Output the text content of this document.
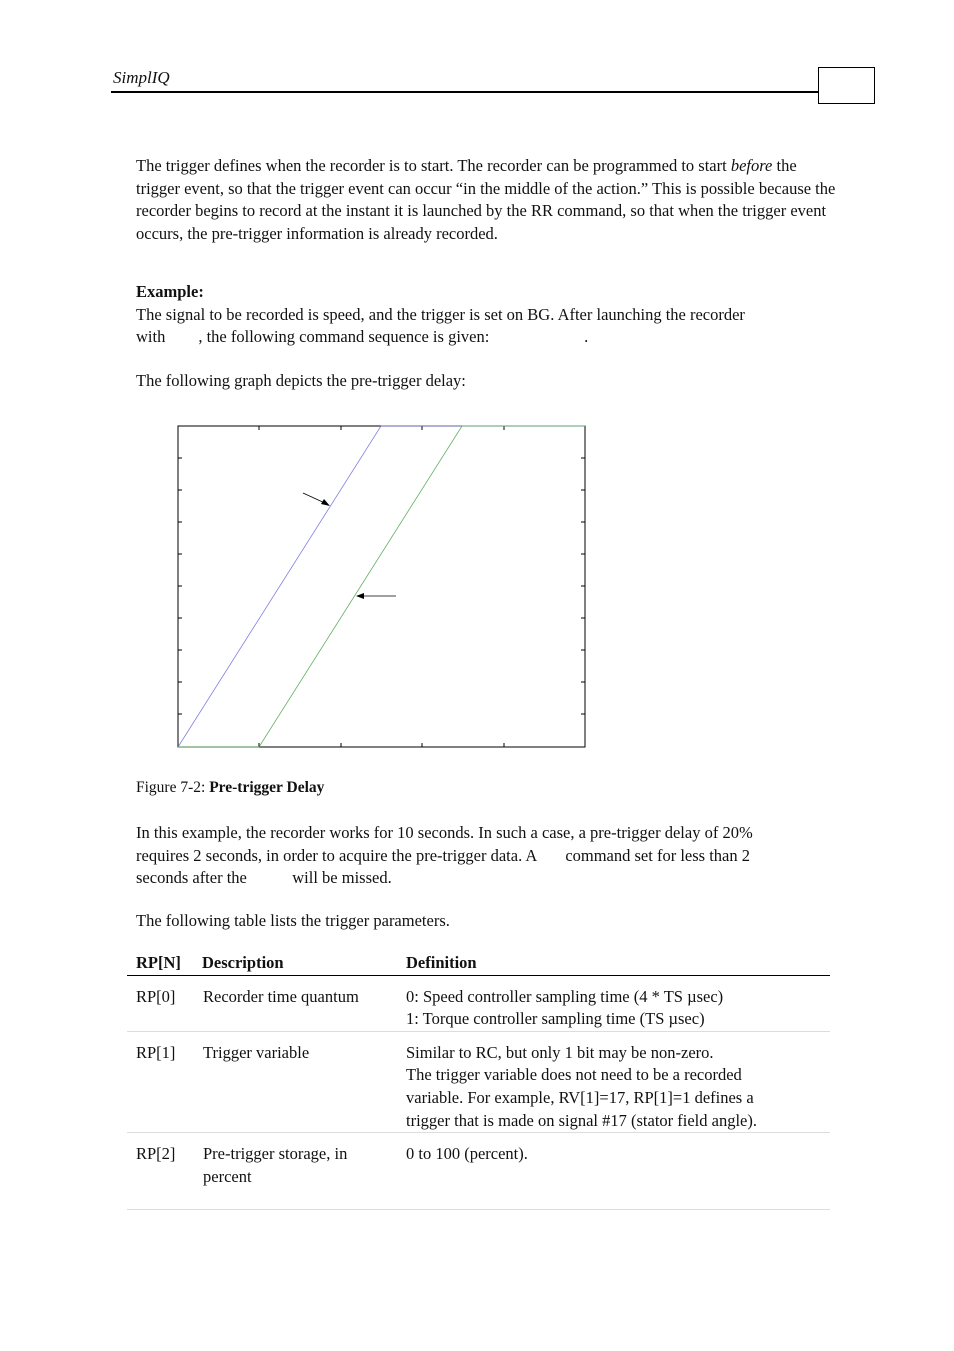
SimplIQ

The trigger defines when the recorder is to start. The recorder can be programmed to start before the trigger event, so that the trigger event can occur “in the middle of the action.” This is possible because the recorder begins to record at the instant it is launched by the RR command, so that when the trigger event occurs, the pre-trigger information is already recorded.

Example:

The signal to be recorded is speed, and the trigger is set on BG. After launching the recorder

with        , the following command sequence is given:                       .

The following graph depicts the pre-trigger delay:
Figure 7-2: Pre-trigger Delay

In this example, the recorder works for 10 seconds. In such a case, a pre-trigger delay of 20%

requires 2 seconds, in order to acquire the pre-trigger data. A       command set for less than 2

seconds after the           will be missed.

The following table lists the trigger parameters.
RP[N]	Description	Definition
RP[0]	Recorder time quantum	0: Speed controller sampling time (4 * TS µsec)
1: Torque controller sampling time (TS µsec)

RP[1]	Trigger variable	Similar to RC, but only 1 bit may be non-zero.
The trigger variable does not need to be a recorded
variable. For example, RV[1]=17, RP[1]=1 defines a
trigger that is made on signal #17 (stator field angle).

RP[2]	Pre-trigger storage, in percent	0 to 100 (percent).
